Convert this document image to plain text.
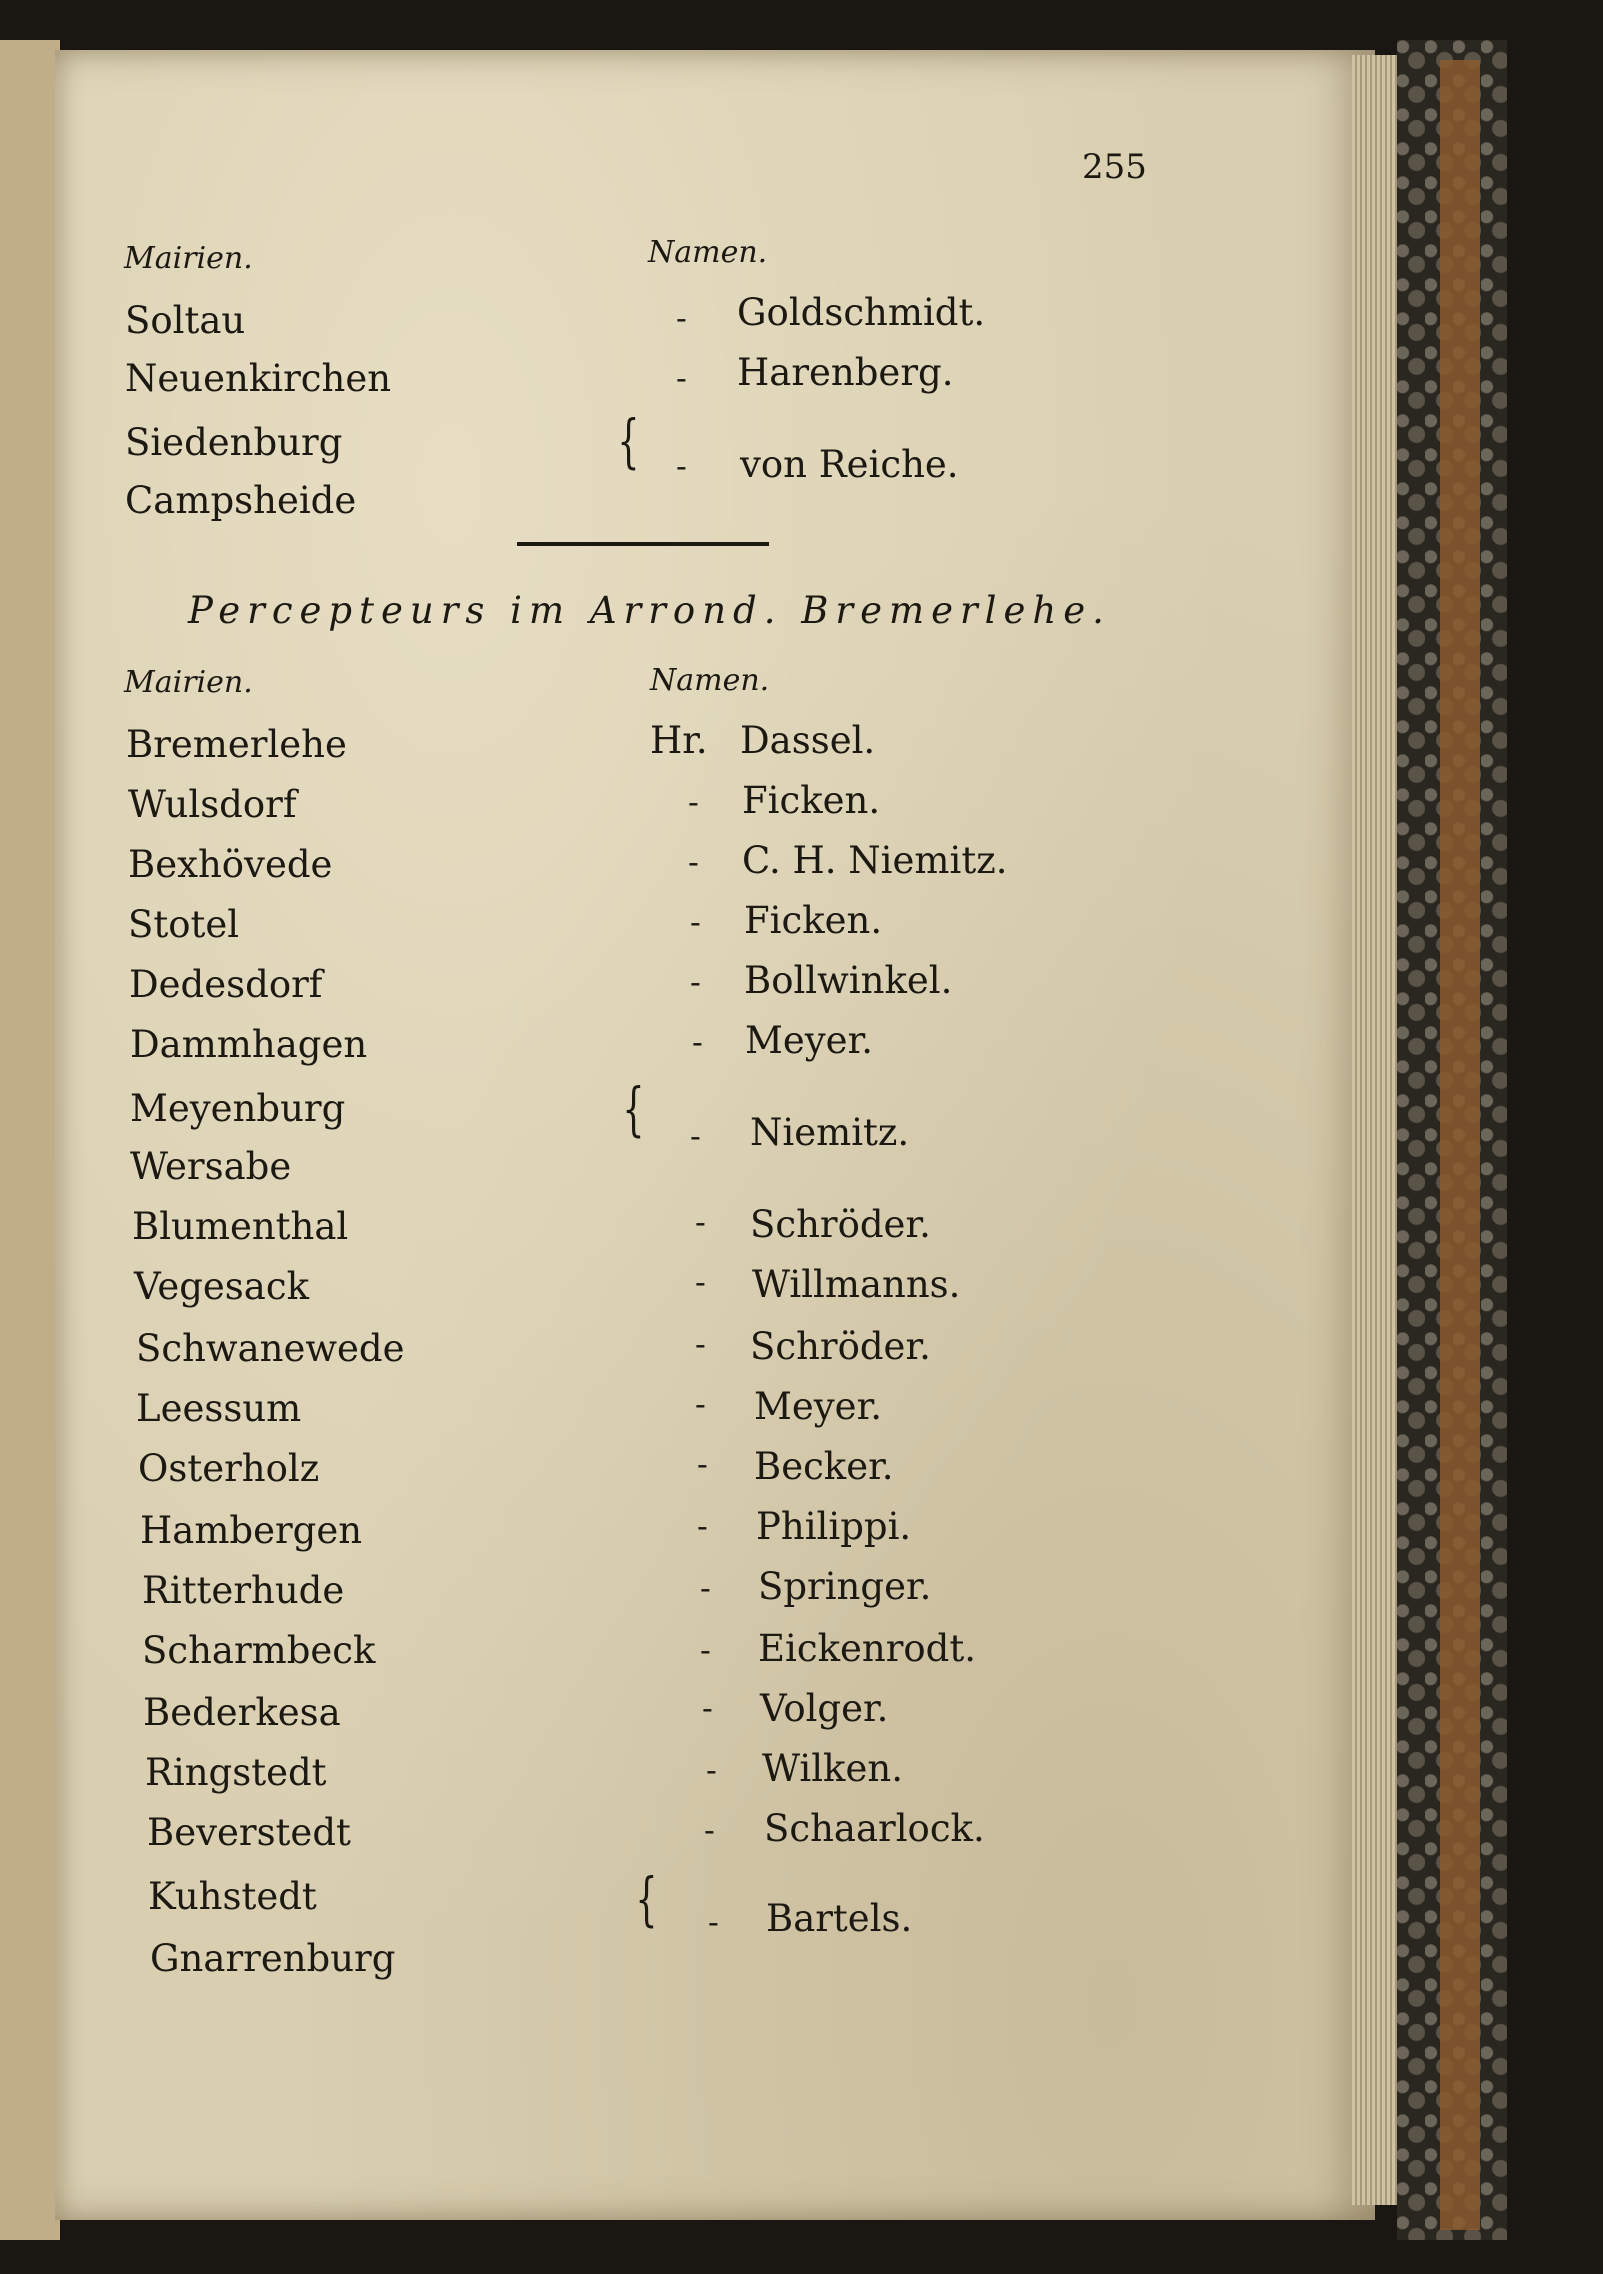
255
Mairien.	Namen.
Soltau	- Goldschmidt.
Neuenkirchen	- Harenberg.
Siedenburg
Campsheide
{ - von Reiche.
Percepteurs im Arrond. Bremerlehe.
Mairien.	Namen.
Bremerlehe	Hr. Dassel.
Wulsdorf	- Ficken.
Bexhövede	- C. H. Niemitz.
Stotel	- Ficken.
Dedesdorf	- Bollwinkel.
Dammhagen	- Meyer.
Meyenburg
Wersabe
{ - Niemitz.
Blumenthal	- Schröder.
Vegesack	- Willmanns.
Schwanewede	- Schröder.
Leessum	- Meyer.
Osterholz	- Becker.
Hambergen	- Philippi.
Ritterhude	- Springer.
Scharmbeck	- Eickenrodt.
Bederkesa	- Volger.
Ringstedt	- Wilken.
Beverstedt	- Schaarlock.
Kuhstedt
Gnarrenburg
{ - Bartels.
